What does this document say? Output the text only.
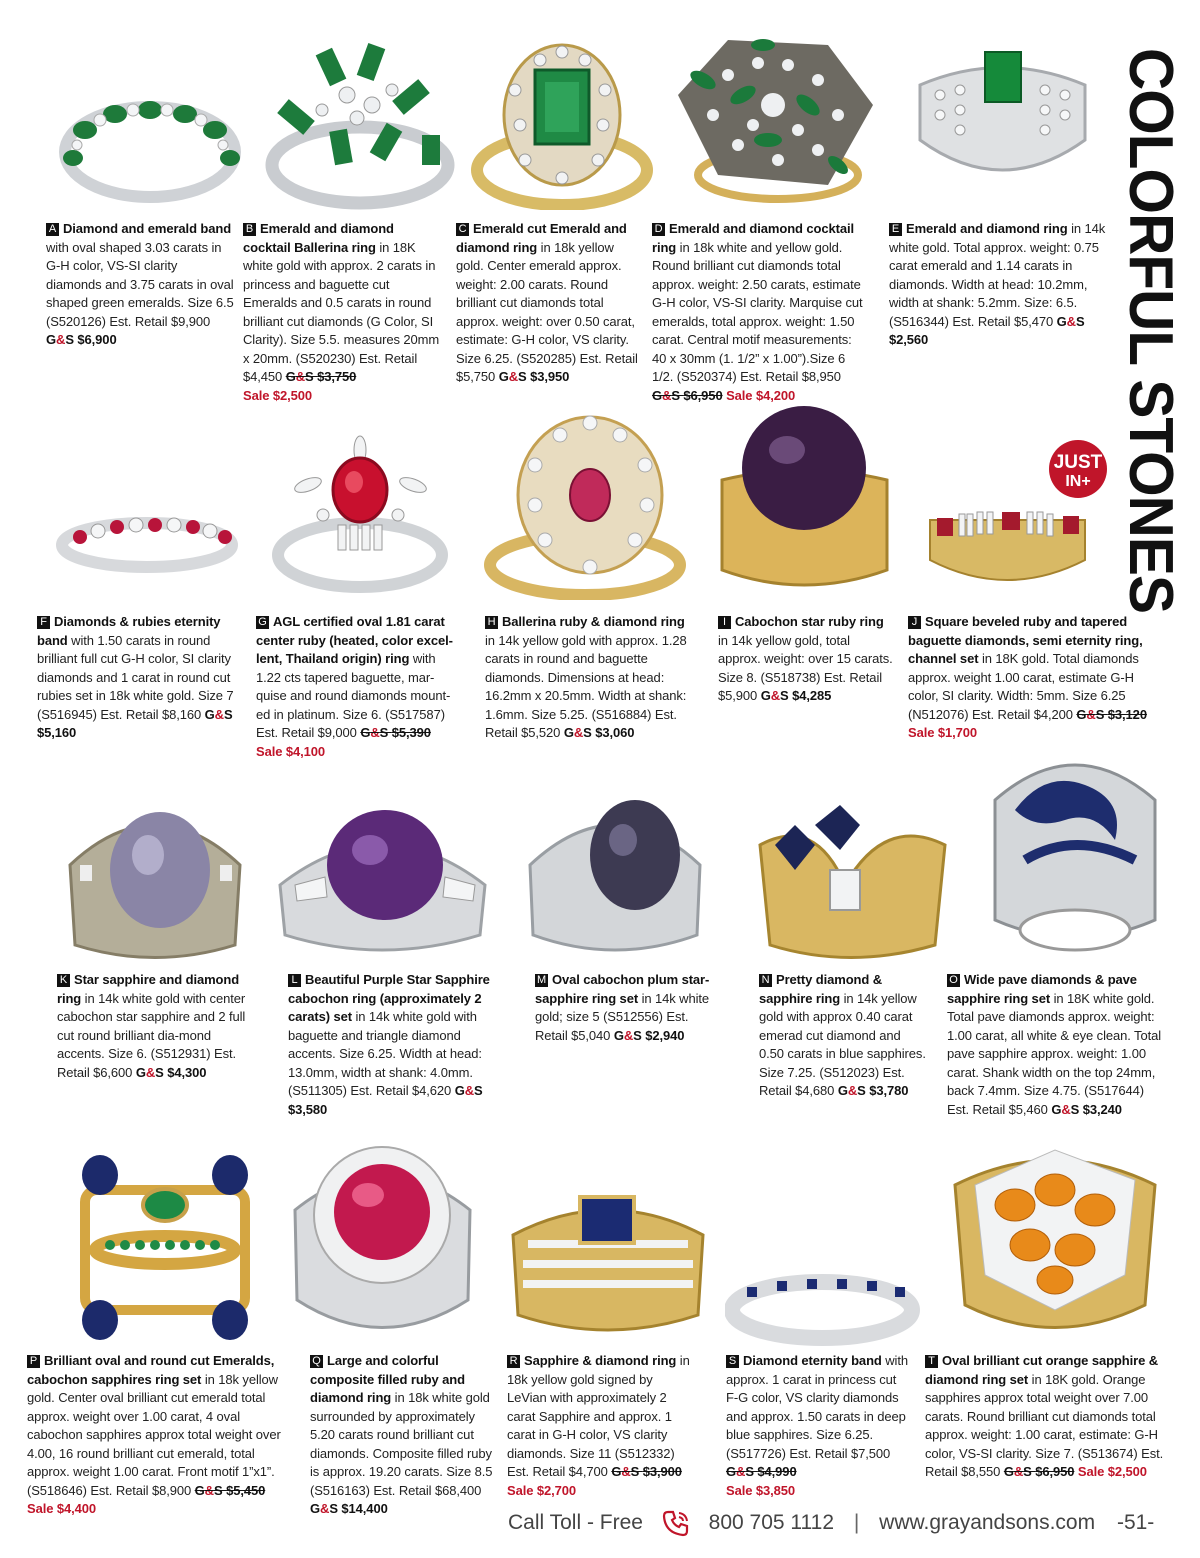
COLORFUL STONES
JUST
IN+
A Diamond and emerald band with oval shaped 3.03 carats in G-H color, VS-SI clarity diamonds and 3.75 carats in oval shaped green emeralds. Size 6.5 (S520126) Est. Retail $9,900 G&S $6,900
B Emerald and diamond cocktail Ballerina ring in 18K white gold with approx. 2 carats in princess and baguette cut Emeralds and 0.5 carats in round brilliant cut diamonds (G Color, SI Clarity). Size 5.5. measures 20mm x 20mm. (S520230) Est. Retail $4,450 G&S $3,750
Sale $2,500
C Emerald cut Emerald and diamond ring in 18k yellow gold. Center emerald approx. weight: 2.00 carats. Round brilliant cut diamonds total approx. weight: over 0.50 carat, estimate: G-H color, VS clarity. Size 6.25. (S520285) Est. Retail $5,750 G&S $3,950
D Emerald and diamond cocktail ring in 18k white and yellow gold. Round brilliant cut diamonds total approx. weight: 2.50 carats, estimate G-H color, VS-SI clarity. Marquise cut emeralds, total approx. weight: 1.50 carat. Central motif measurements: 40 x 30mm (1. 1/2” x 1.00”).Size 6 1/2. (S520374) Est. Retail $8,950 G&S $6,950 Sale $4,200
E Emerald and diamond ring in 14k white gold. Total approx. weight: 0.75 carat emerald and 1.14 carats in diamonds. Width at head: 10.2mm, width at shank: 5.2mm. Size: 6.5. (S516344) Est. Retail $5,470 G&S $2,560
F Diamonds & rubies eternity band with 1.50 carats in round brilliant full cut G-H color, SI clarity diamonds and 1 carat in round cut rubies set in 18k white gold. Size 7 (S516945) Est. Retail $8,160 G&S $5,160
G AGL certified oval 1.81 carat center ruby (heated, color excel-lent, Thailand origin) ring with 1.22 cts tapered baguette, mar-quise and round diamonds mount-ed in platinum. Size 6. (S517587) Est. Retail $9,000 G&S $5,390
Sale $4,100
H Ballerina ruby & diamond ring in 14k yellow gold with approx. 1.28 carats in round and baguette diamonds. Dimensions at head: 16.2mm x 20.5mm. Width at shank: 1.6mm. Size 5.25. (S516884) Est. Retail $5,520 G&S $3,060
I Cabochon star ruby ring in 14k yellow gold, total approx. weight: over 15 carats. Size 8. (S518738) Est. Retail $5,900 G&S $4,285
J Square beveled ruby and tapered baguette diamonds, semi eternity ring, channel set in 18K gold. Total diamonds approx. weight 1.00 carat, estimate G-H color, SI clarity. Width: 5mm. Size 6.25 (N512076) Est. Retail $4,200 G&S $3,120
Sale $1,700
K Star sapphire and diamond ring in 14k white gold with center cabochon star sapphire and 2 full cut round brilliant dia-mond accents. Size 6. (S512931) Est. Retail $6,600 G&S $4,300
L Beautiful Purple Star Sapphire cabochon ring (approximately 2 carats) set in 14k white gold with baguette and triangle diamond accents. Size 6.25. Width at head: 13.0mm, width at shank: 4.0mm. (S511305) Est. Retail $4,620 G&S $3,580
M Oval cabochon plum star-sapphire ring set in 14k white gold; size 5 (S512556) Est. Retail $5,040 G&S $2,940
N Pretty diamond & sapphire ring in 14k yellow gold with approx 0.40 carat emerad cut diamond and 0.50 carats in blue sapphires. Size 7.25. (S512023) Est. Retail $4,680 G&S $3,780
O Wide pave diamonds & pave sapphire ring set in 18K white gold. Total pave diamonds approx. weight: 1.00 carat, all white & eye clean. Total pave sapphire approx. weight: 1.00 carat. Shank width on the top 24mm, back 7.4mm. Size 4.75. (S517644) Est. Retail $5,460 G&S $3,240
P Brilliant oval and round cut Emeralds, cabochon sapphires ring set in 18k yellow gold. Center oval brilliant cut emerald total approx. weight over 1.00 carat, 4 oval cabochon sapphires approx total weight over 4.00, 16 round brilliant cut emerald, total approx. weight 1.00 carat. Front motif 1”x1”. (S518646) Est. Retail $8,900 G&S $5,450 Sale $4,400
Q Large and colorful composite filled ruby and diamond ring in 18k white gold surrounded by approximately 5.20 carats round brilliant cut diamonds. Composite filled ruby is approx. 19.20 carats. Size 8.5 (S516163) Est. Retail $68,400 G&S $14,400
R Sapphire & diamond ring in 18k yellow gold signed by LeVian with approximately 2 carat Sapphire and approx. 1 carat in G-H color, VS clarity diamonds. Size 11 (S512332) Est. Retail $4,700 G&S $3,900
Sale $2,700
S Diamond eternity band with approx. 1 carat in princess cut F-G color, VS clarity diamonds and approx. 1.50 carats in deep blue sapphires. Size 6.25. (S517726) Est. Retail $7,500 G&S $4,990
Sale $3,850
T Oval brilliant cut orange sapphire & diamond ring set in 18K gold. Orange sapphires approx total weight over 7.00 carats. Round brilliant cut diamonds total approx. weight: 1.00 carat, estimate: G-H color, VS-SI clarity. Size 7. (S513674) Est. Retail $8,550 G&S $6,950 Sale $2,500
Call Toll - Free	800 705 1112 | www.grayandsons.com -51-
